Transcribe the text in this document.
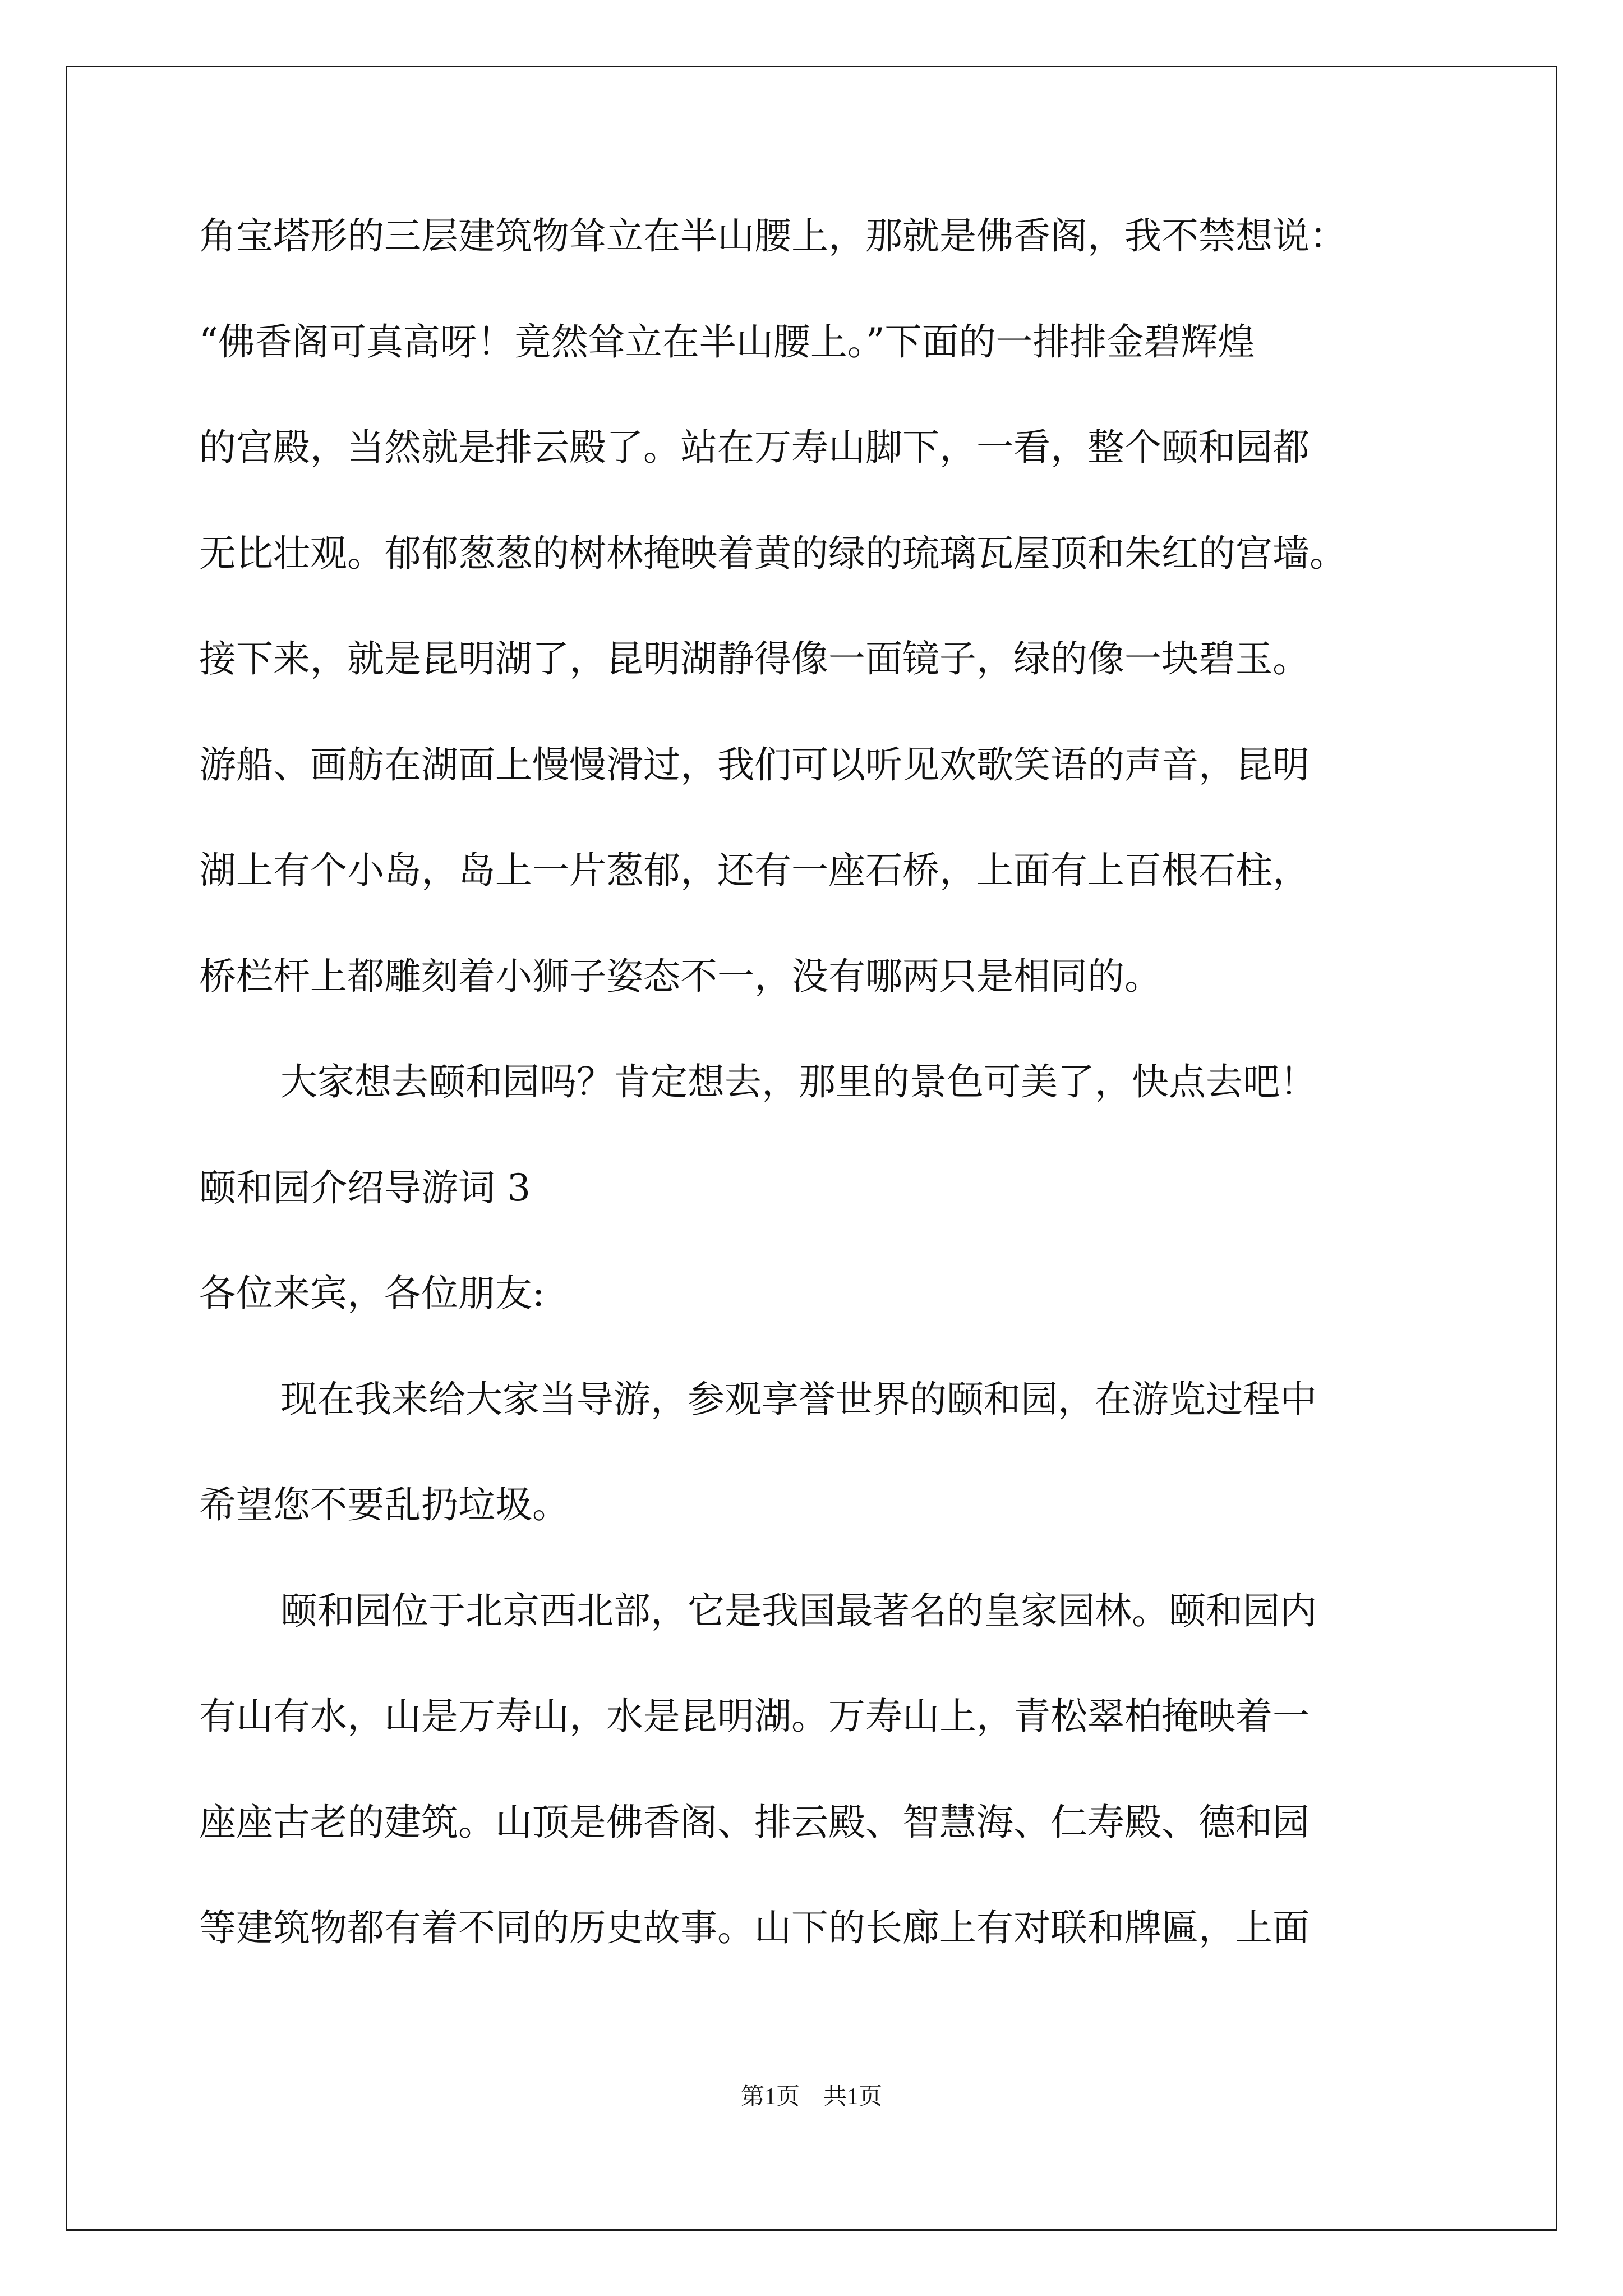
角宝塔形的三层建筑物耸立在半山腰上，那就是佛香阁，我不禁想说：
“佛香阁可真高呀！竟然耸立在半山腰上。”下面的一排排金碧辉煌
的宫殿，当然就是排云殿了。站在万寿山脚下，一看，整个颐和园都
无比壮观。郁郁葱葱的树林掩映着黄的绿的琉璃瓦屋顶和朱红的宫墙。
接下来，就是昆明湖了，昆明湖静得像一面镜子，绿的像一块碧玉。
游船、画舫在湖面上慢慢滑过，我们可以听见欢歌笑语的声音，昆明
湖上有个小岛，岛上一片葱郁，还有一座石桥，上面有上百根石柱，
桥栏杆上都雕刻着小狮子姿态不一，没有哪两只是相同的。
大家想去颐和园吗？肯定想去，那里的景色可美了，快点去吧！
颐和园介绍导游词 3
各位来宾，各位朋友:
现在我来给大家当导游，参观享誉世界的颐和园，在游览过程中
希望您不要乱扔垃圾。
颐和园位于北京西北部，它是我国最著名的皇家园林。颐和园内
有山有水，山是万寿山，水是昆明湖。万寿山上，青松翠柏掩映着一
座座古老的建筑。山顶是佛香阁、排云殿、智慧海、仁寿殿、德和园
等建筑物都有着不同的历史故事。山下的长廊上有对联和牌匾，上面
第1页　共1页
